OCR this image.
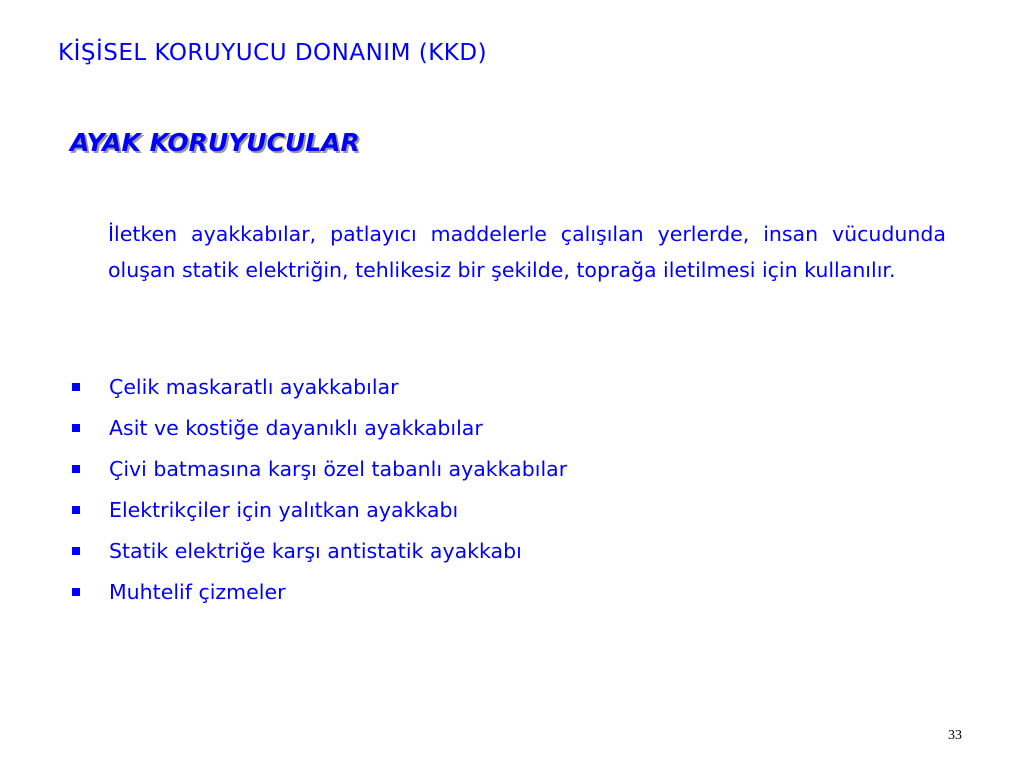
KİŞİSEL KORUYUCU DONANIM (KKD)
AYAK KORUYUCULAR
İletken ayakkabılar, patlayıcı maddelerle çalışılan yerlerde, insan vücudunda oluşan statik elektriğin, tehlikesiz bir şekilde, toprağa iletilmesi için kullanılır.
Çelik maskaratlı ayakkabılar
Asit ve kostiğe dayanıklı ayakkabılar
Çivi batmasına karşı özel tabanlı ayakkabılar
Elektrikçiler için yalıtkan ayakkabı
Statik elektriğe karşı antistatik ayakkabı
Muhtelif çizmeler
33
